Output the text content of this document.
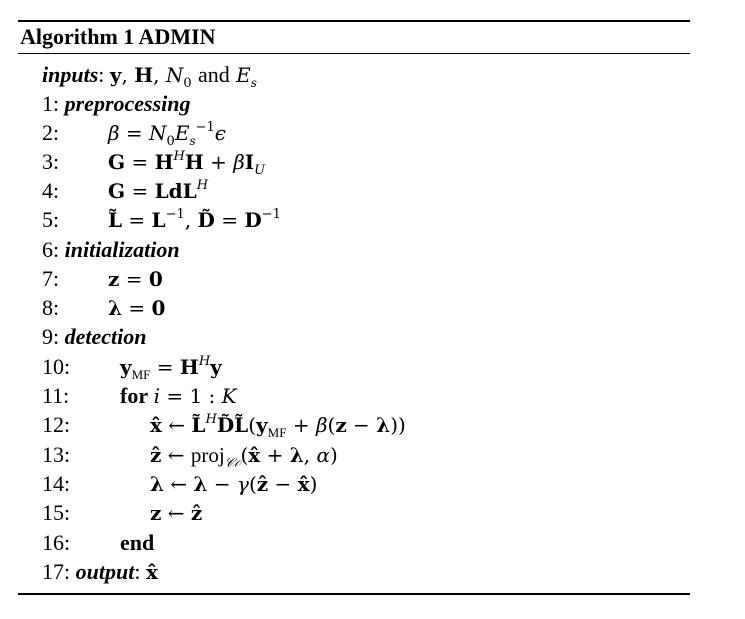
Algorithm 1 ADMIN
inputs: y, H, $N_0$ and $E_s$
1: preprocessing
2: $\beta = N_0E_s^{-1}\epsilon$
3: $G = H^HH + \beta I_U$
4: G = LdL$^H$
5: L̃ = $L^{-1}$, D̃ = $D^{-1}$
6: initialization
7: z = 0
8: λ = 0
9: detection
10: $y_{MF} = H^Hy$
11: for i = 1 : K
12:	x̂ ← $L̃^HD̃L̃(y_{MF} + \beta(z - \lambda))$
13:	ẑ ← proj$_{𝒞𝒪}$(x̂ + λ, α)
14:	λ ← λ − γ(ẑ − x̂)
15:	z ← ẑ
16: end
17: output: x̂
